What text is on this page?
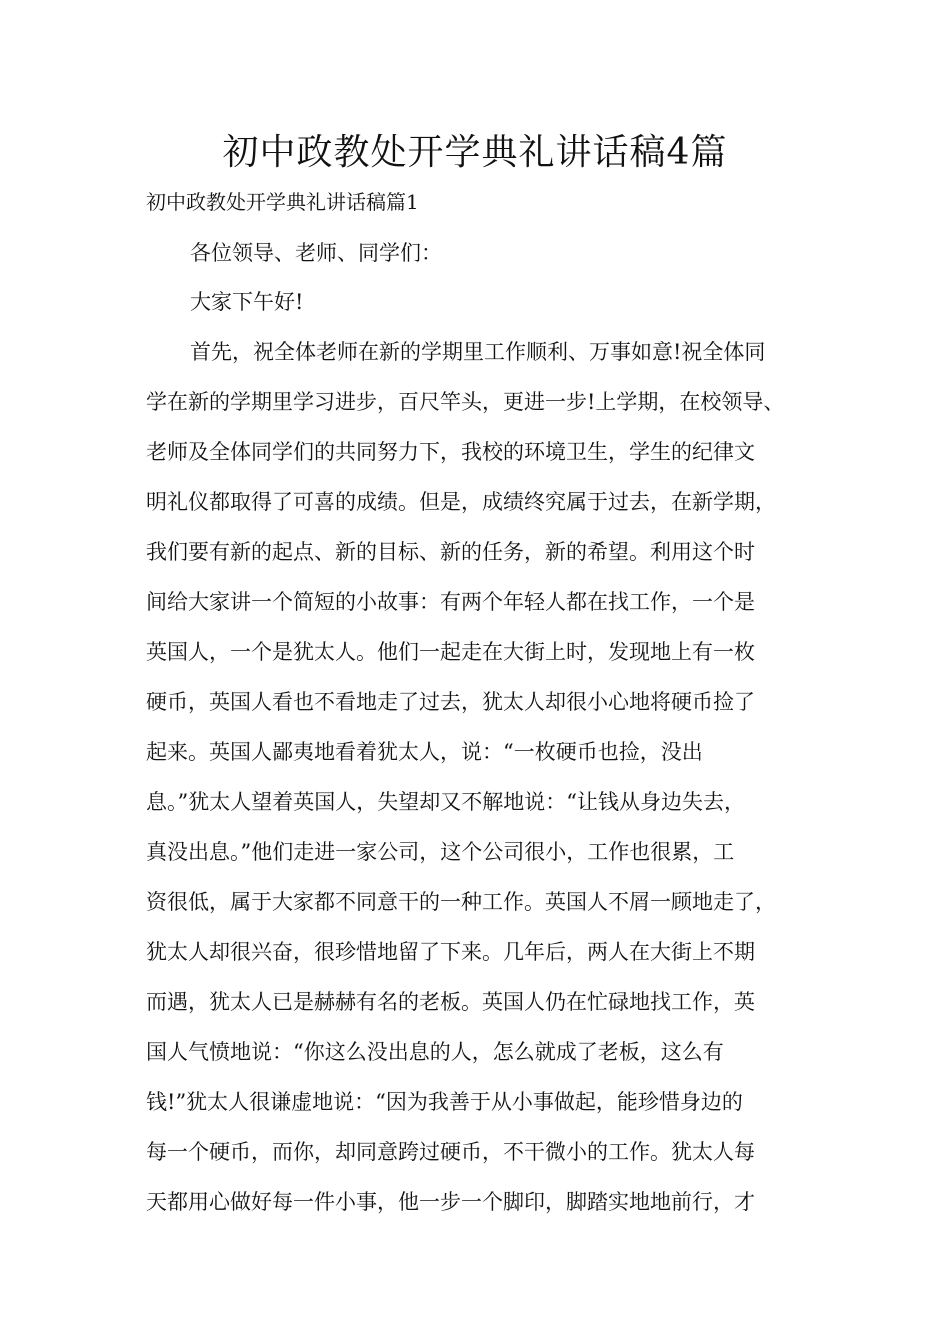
初中政教处开学典礼讲话稿4篇

初中政教处开学典礼讲话稿篇1

各位领导、老师、同学们：

大家下午好!

首先，祝全体老师在新的学期里工作顺利、万事如意!祝全体同
学在新的学期里学习进步，百尺竿头，更进一步!上学期，在校领导、
老师及全体同学们的共同努力下，我校的环境卫生，学生的纪律文
明礼仪都取得了可喜的成绩。但是，成绩终究属于过去，在新学期，
我们要有新的起点、新的目标、新的任务，新的希望。利用这个时
间给大家讲一个简短的小故事：有两个年轻人都在找工作，一个是
英国人，一个是犹太人。他们一起走在大街上时，发现地上有一枚
硬币，英国人看也不看地走了过去，犹太人却很小心地将硬币捡了
起来。英国人鄙夷地看着犹太人，说：“一枚硬币也捡，没出
息。”犹太人望着英国人，失望却又不解地说：“让钱从身边失去，
真没出息。”他们走进一家公司，这个公司很小，工作也很累，工
资很低，属于大家都不同意干的一种工作。英国人不屑一顾地走了，
犹太人却很兴奋，很珍惜地留了下来。几年后，两人在大街上不期
而遇，犹太人已是赫赫有名的老板。英国人仍在忙碌地找工作，英
国人气愤地说：“你这么没出息的人，怎么就成了老板，这么有
钱!”犹太人很谦虚地说：“因为我善于从小事做起，能珍惜身边的
每一个硬币，而你，却同意跨过硬币，不干微小的工作。犹太人每
天都用心做好每一件小事，他一步一个脚印，脚踏实地地前行，才
